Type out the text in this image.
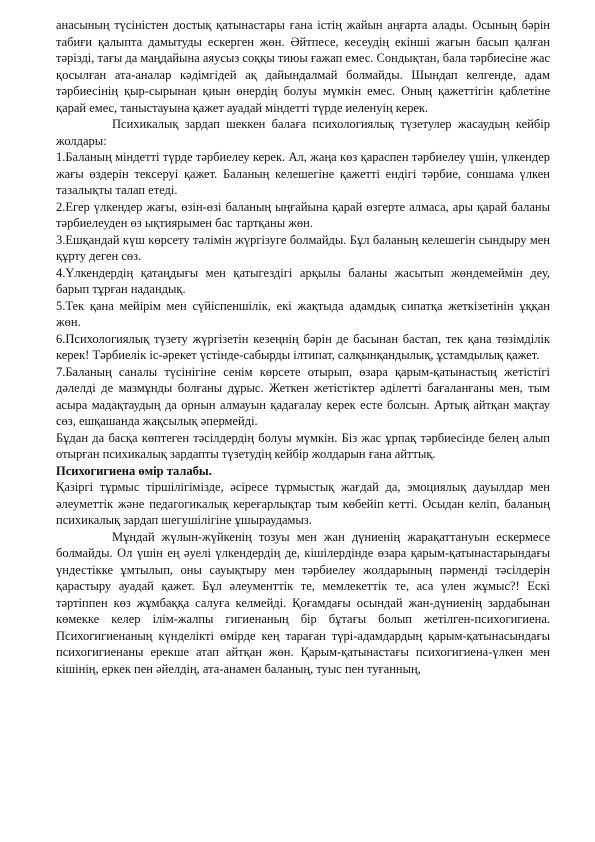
анасының түсіністен достық қатынастары ғана істің жайын аңғарта алады. Осының бәрін табиғи қалыпта дамытуды ескерген жөн. Әйтпесе, кесеудің екінші жағын басып қалған тәрізді, тағы да маңдайына аяусыз соққы тиюы ғажап емес. Сондықтан, бала тәрбиесіне жас қосылған ата-аналар кәдімгідей ақ дайындалмай болмайды. Шындап келгенде, адам тәрбиесінің қыр-сырынан қиын өнердің болуы мүмкін емес. Оның қажеттігін қаблетіне қарай емес, таныстауына қажет ауадай міндетті түрде иеленуің керек.

Психикалық зардап шеккен балаға психологиялық түзетулер жасаудың кейбір жолдары:

1.Баланың міндетті түрде тәрбиелеу керек. Ал, жаңа көз қараспен тәрбиелеу үшін, үлкендер жағы өздерін тексеруі қажет. Баланың келешегіне қажетті ендігі тәрбие, соншама үлкен тазалықты талап етеді.

2.Егер үлкендер жағы, өзін-өзі баланың ыңғайына қарай өзгерте алмаса, ары қарай баланы тәрбиелеуден өз ықтиярымен бас тартқаны жөн.

3.Ешқандай күш көрсету тәлімін жүргізуге болмайды. Бұл баланың келешегін сындыру мен құрту деген сөз.

4.Үлкендердің қатаңдығы мен қатыгездігі арқылы баланы жасытып жөндемеймін деу, барып тұрған надандық.

5.Тек қана мейірім мен сүйіспеншілік, екі жақтыда адамдық сипатқа жеткізетінін ұққан жөн.

6.Психологиялық түзету жүргізетін кезеңнің бәрін де басынан бастап, тек қана төзімділік керек! Тәрбиелік іс-әрекет үстінде-сабырды ілтипат, салқынқандылық, ұстамдылық қажет.

7.Баланың саналы түсінігіне сенім көрсете отырып, өзара қарым-қатынастың жетістігі дәлелді де мазмұнды болғаны дұрыс. Жеткен жетістіктер әділетті бағаланғаны мен, тым асыра мадақтаудың да орнын алмауын қадағалау керек есте болсын. Артық айтқан мақтау сөз, ешқашанда жақсылық әпермейді.

Бұдан да басқа көптеген тәсілдердің болуы мүмкін. Біз жас ұрпақ тәрбиесінде белең алып отырған психикалық зардапты түзетудің кейбір жолдарын ғана айттық.

Психогигиена өмір талабы.

Қазіргі тұрмыс тіршілігімізде, әсіресе тұрмыстық жағдай да, эмоциялық дауылдар мен әлеуметтік және педагогикалық кереғарлықтар тым көбейіп кетті. Осыдан келіп, баланың психикалық зардап шегушілігіне ұшыраудамыз.

Мұндай жүлын-жүйкенің тозуы мен жан дүниенің жарақаттануын ескермесе болмайды. Ол үшін ең әуелі үлкендердің де, кішілердінде өзара қарым-қатынастарындағы үндестікке ұмтылып, оны сауықтыру мен тәрбиелеу жолдарының пәрменді тәсілдерін қарастыру ауадай қажет. Бұл әлеументтік те, мемлекеттік те, аса үлен жұмыс?! Ескі тәртіппен көз жұмбаққа салуға келмейді. Қоғамдағы осындай жан-дүниенің зардабынан көмекке келер ілім-жалпы гигиенаның бір бұтағы болып жетілген-психогигиена. Психогигиенаның күнделікті өмірде кең тараған түрі-адамдардың қарым-қатынасындағы психогигиенаны ерекше атап айтқан жөн. Қарым-қатынастағы психогигиена-үлкен мен кішінің, еркек пен әйелдің, ата-анамен баланың, туыс пен туғанның,
